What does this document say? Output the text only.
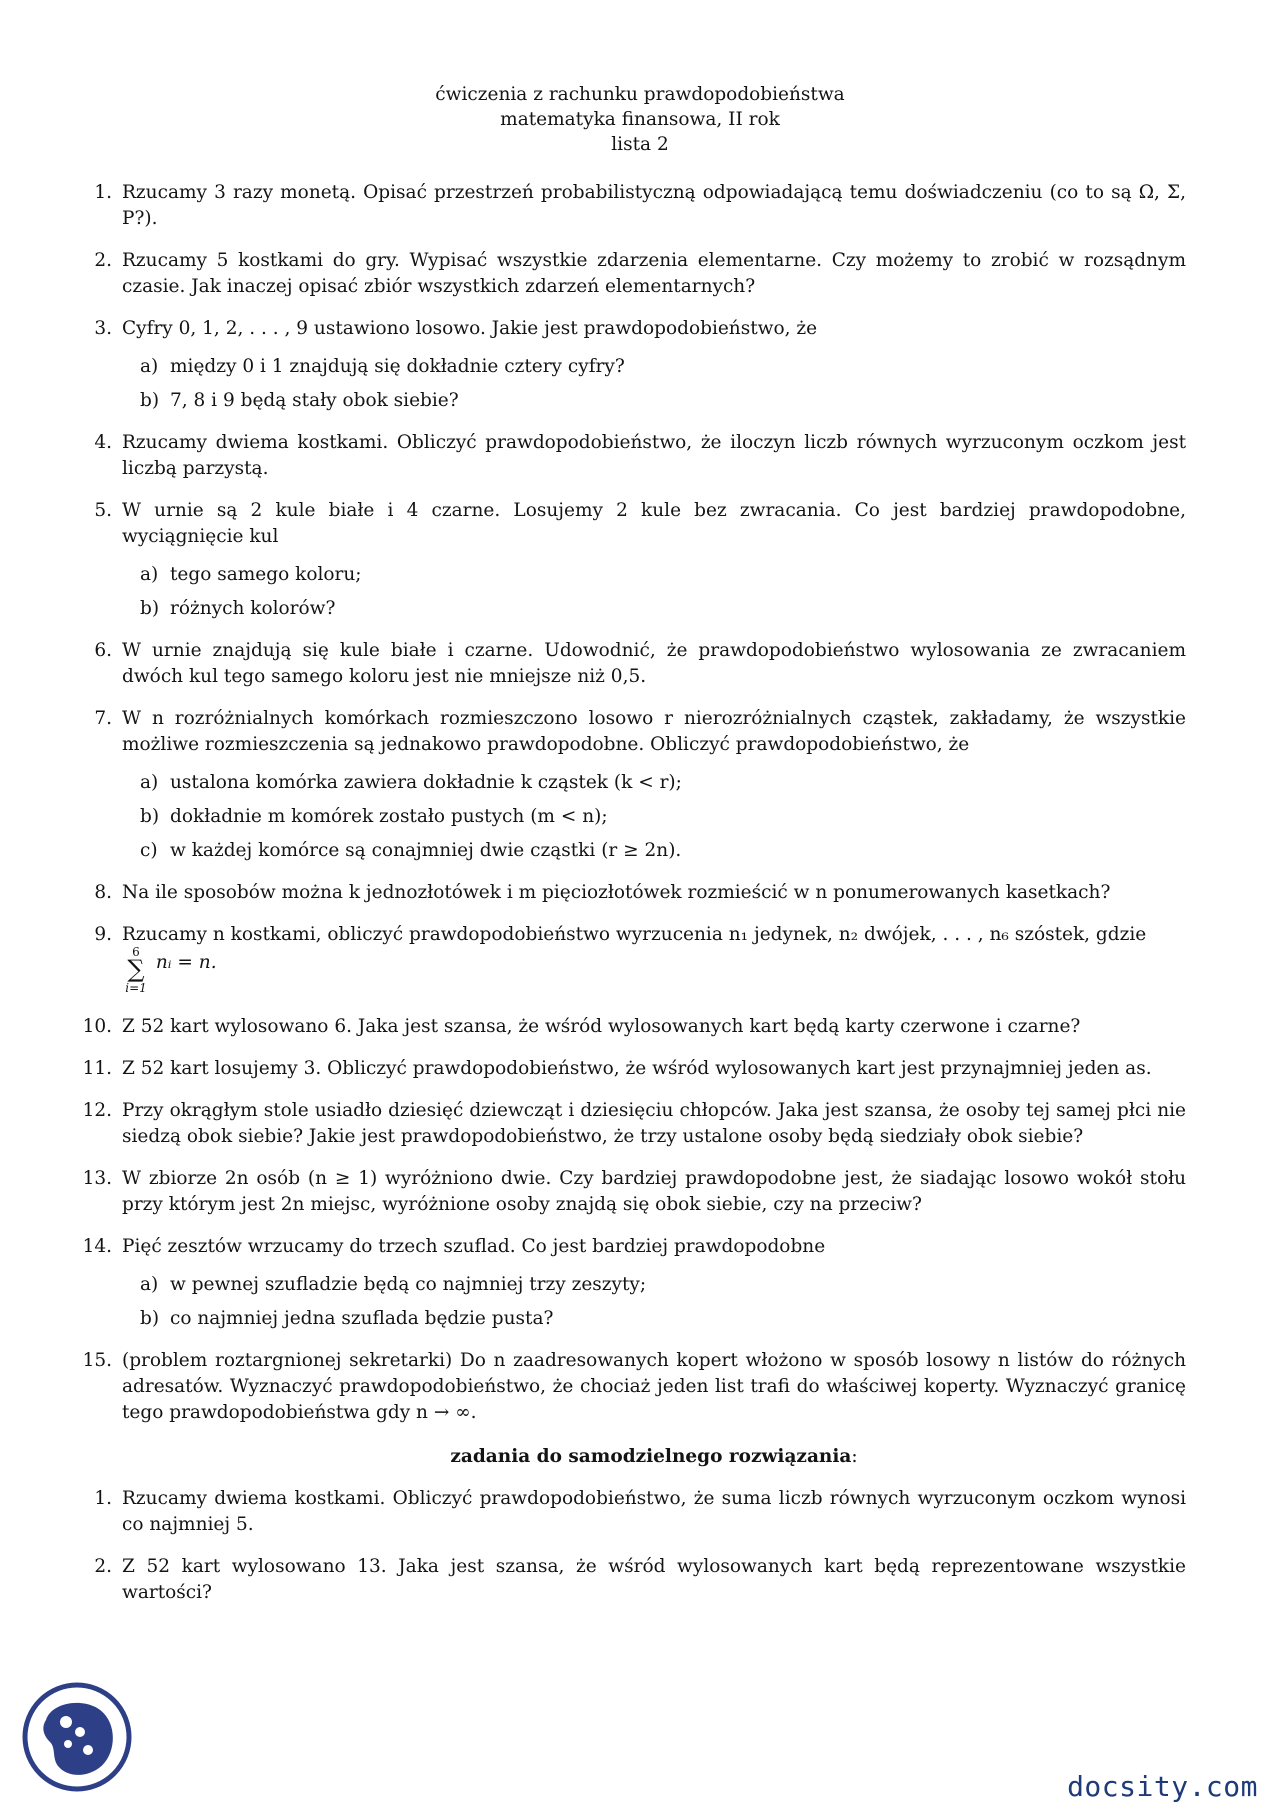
ćwiczenia z rachunku prawdopodobieństwa
matematyka finansowa, II rok
lista 2
1. Rzucamy 3 razy monetą. Opisać przestrzeń probabilistyczną odpowiadającą temu doświadczeniu (co to są Ω, Σ, P?).
2. Rzucamy 5 kostkami do gry. Wypisać wszystkie zdarzenia elementarne. Czy możemy to zrobić w rozsądnym czasie. Jak inaczej opisać zbiór wszystkich zdarzeń elementarnych?
3. Cyfry 0, 1, 2, . . . , 9 ustawiono losowo. Jakie jest prawdopodobieństwo, że
a) między 0 i 1 znajdują się dokładnie cztery cyfry?
b) 7, 8 i 9 będą stały obok siebie?
4. Rzucamy dwiema kostkami. Obliczyć prawdopodobieństwo, że iloczyn liczb równych wyrzuconym oczkom jest liczbą parzystą.
5. W urnie są 2 kule białe i 4 czarne. Losujemy 2 kule bez zwracania. Co jest bardziej prawdopodobne, wyciągnięcie kul
a) tego samego koloru;
b) różnych kolorów?
6. W urnie znajdują się kule białe i czarne. Udowodnić, że prawdopodobieństwo wylosowania ze zwracaniem dwóch kul tego samego koloru jest nie mniejsze niż 0,5.
7. W n rozróżnialnych komórkach rozmieszczono losowo r nierozróżnialnych cząstek, zakładamy, że wszystkie możliwe rozmieszczenia są jednakowo prawdopodobne. Obliczyć prawdopodobieństwo, że
a) ustalona komórka zawiera dokładnie k cząstek (k < r);
b) dokładnie m komórek zostało pustych (m < n);
c) w każdej komórce są conajmniej dwie cząstki (r ≥ 2n).
8. Na ile sposobów można k jednozłotówek i m pięciozłotówek rozmieścić w n ponumerowanych kasetkach?
9. Rzucamy n kostkami, obliczyć prawdopodobieństwo wyrzucenia n₁ jedynek, n₂ dwójek, . . . , n₆ szóstek, gdzie
6
∑
i=1
nᵢ = n.
10. Z 52 kart wylosowano 6. Jaka jest szansa, że wśród wylosowanych kart będą karty czerwone i czarne?
11. Z 52 kart losujemy 3. Obliczyć prawdopodobieństwo, że wśród wylosowanych kart jest przynajmniej jeden as.
12. Przy okrągłym stole usiadło dziesięć dziewcząt i dziesięciu chłopców. Jaka jest szansa, że osoby tej samej płci nie siedzą obok siebie? Jakie jest prawdopodobieństwo, że trzy ustalone osoby będą siedziały obok siebie?
13. W zbiorze 2n osób (n ≥ 1) wyróżniono dwie. Czy bardziej prawdopodobne jest, że siadając losowo wokół stołu przy którym jest 2n miejsc, wyróżnione osoby znajdą się obok siebie, czy na przeciw?
14. Pięć zesztów wrzucamy do trzech szuflad. Co jest bardziej prawdopodobne
a) w pewnej szufladzie będą co najmniej trzy zeszyty;
b) co najmniej jedna szuflada będzie pusta?
15. (problem roztargnionej sekretarki) Do n zaadresowanych kopert włożono w sposób losowy n listów do różnych adresatów. Wyznaczyć prawdopodobieństwo, że chociaż jeden list trafi do właściwej koperty. Wyznaczyć granicę tego prawdopodobieństwa gdy n → ∞.
zadania do samodzielnego rozwiązania:
1. Rzucamy dwiema kostkami. Obliczyć prawdopodobieństwo, że suma liczb równych wyrzuconym oczkom wynosi co najmniej 5.
2. Z 52 kart wylosowano 13. Jaka jest szansa, że wśród wylosowanych kart będą reprezentowane wszystkie wartości?
docsity.com
